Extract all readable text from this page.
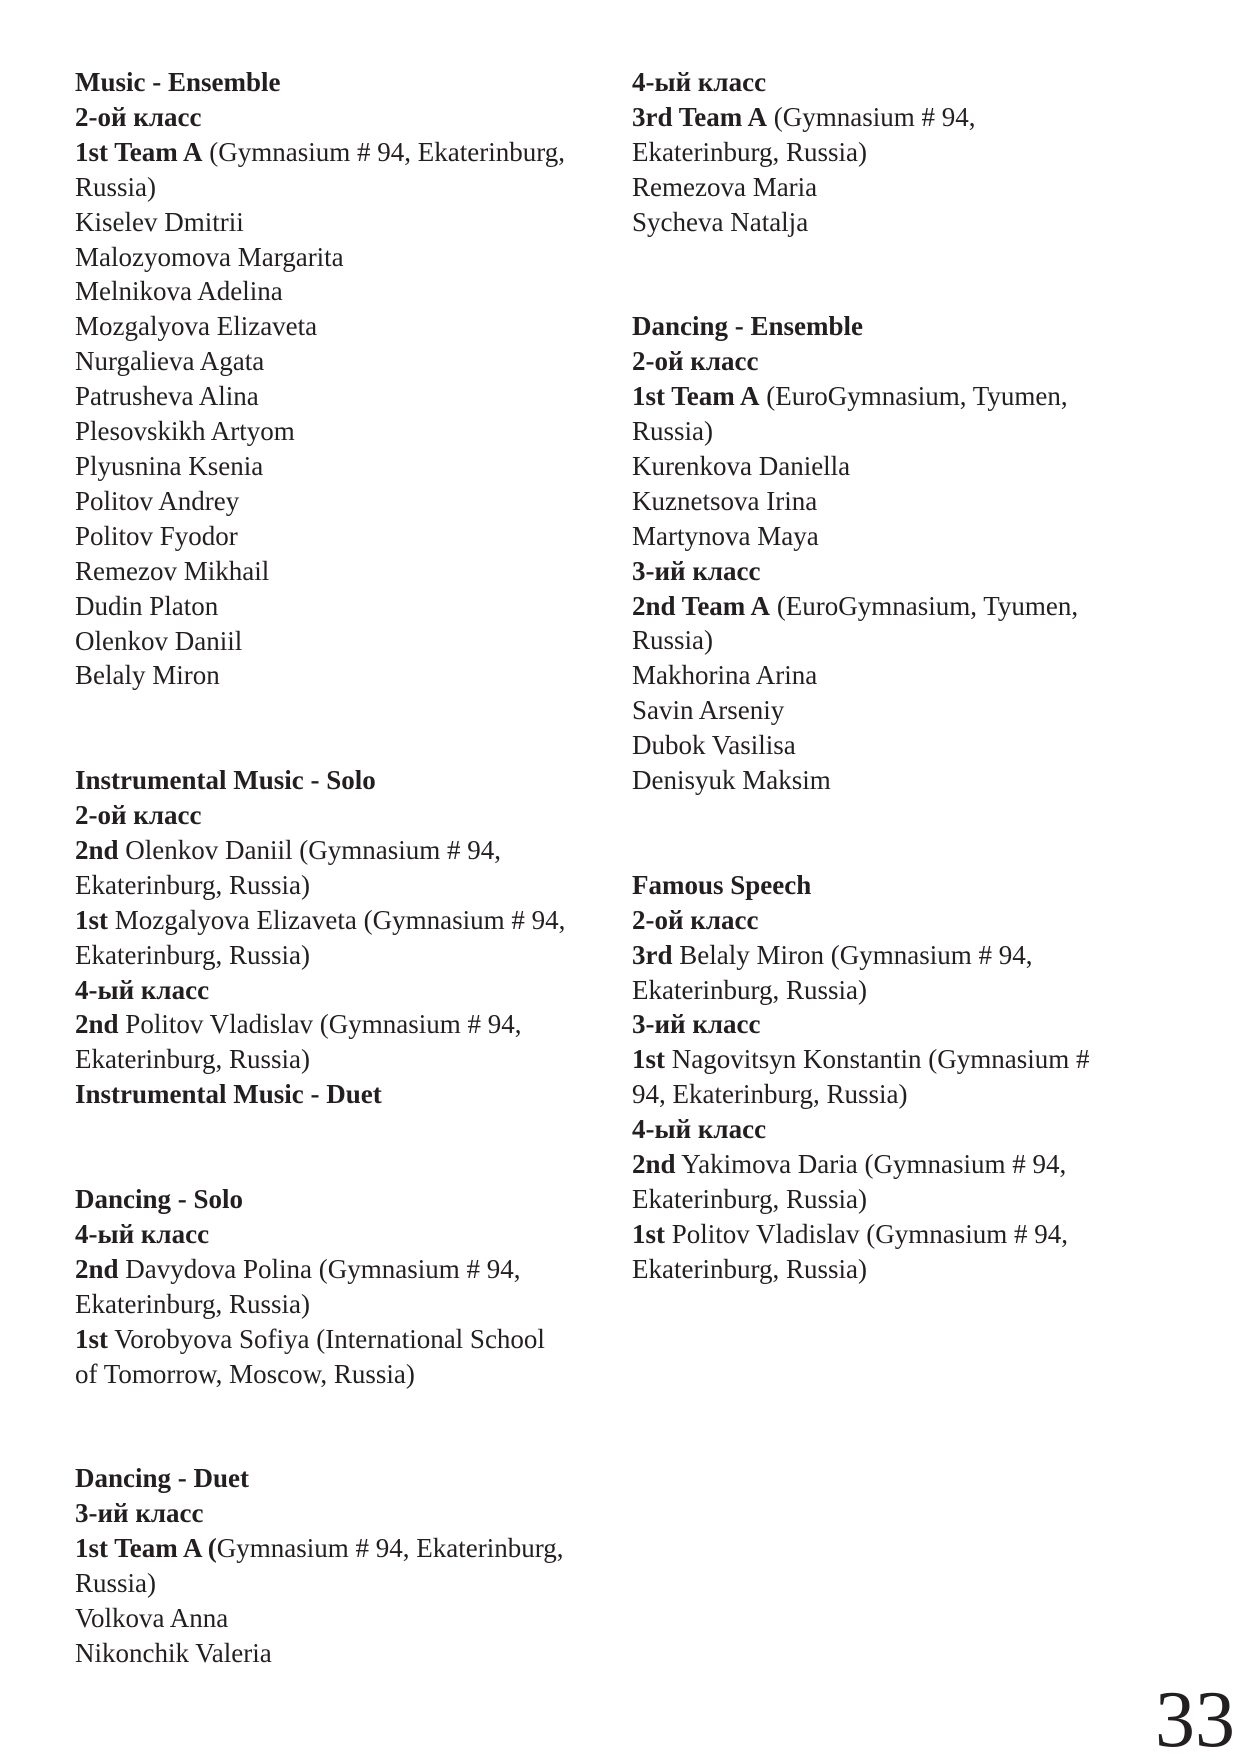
Music - Ensemble
2-ой класс
1st Team A (Gymnasium # 94, Ekaterinburg,
Russia)
Kiselev Dmitrii
Malozyomova Margarita
Melnikova Adelina
Mozgalyova Elizaveta
Nurgalieva Agata
Patrusheva Alina
Plesovskikh Artyom
Plyusnina Ksenia
Politov Andrey
Politov Fyodor
Remezov Mikhail
Dudin Platon
Olenkov Daniil
Belaly Miron
Instrumental Music - Solo
2-ой класс
2nd Olenkov Daniil (Gymnasium # 94,
Ekaterinburg, Russia)
1st Mozgalyova Elizaveta (Gymnasium # 94,
Ekaterinburg, Russia)
4-ый класс
2nd Politov Vladislav (Gymnasium # 94,
Ekaterinburg, Russia)
Instrumental Music - Duet
Dancing - Solo
4-ый класс
2nd Davydova Polina (Gymnasium # 94,
Ekaterinburg, Russia)
1st Vorobyova Sofiya (International School
of Tomorrow, Moscow, Russia)
Dancing - Duet
3-ий класс
1st Team A (Gymnasium # 94, Ekaterinburg,
Russia)
Volkova Anna
Nikonchik Valeria
4-ый класс
3rd Team A (Gymnasium # 94,
Ekaterinburg, Russia)
Remezova Maria
Sycheva Natalja
Dancing - Ensemble
2-ой класс
1st Team A (EuroGymnasium, Tyumen,
Russia)
Kurenkova Daniella
Kuznetsova Irina
Martynova Maya
3-ий класс
2nd Team A (EuroGymnasium, Tyumen,
Russia)
Makhorina Arina
Savin Arseniy
Dubok Vasilisa
Denisyuk Maksim
Famous Speech
2-ой класс
3rd Belaly Miron (Gymnasium # 94,
Ekaterinburg, Russia)
3-ий класс
1st Nagovitsyn Konstantin (Gymnasium #
94, Ekaterinburg, Russia)
4-ый класс
2nd Yakimova Daria (Gymnasium # 94,
Ekaterinburg, Russia)
1st Politov Vladislav (Gymnasium # 94,
Ekaterinburg, Russia)
33
